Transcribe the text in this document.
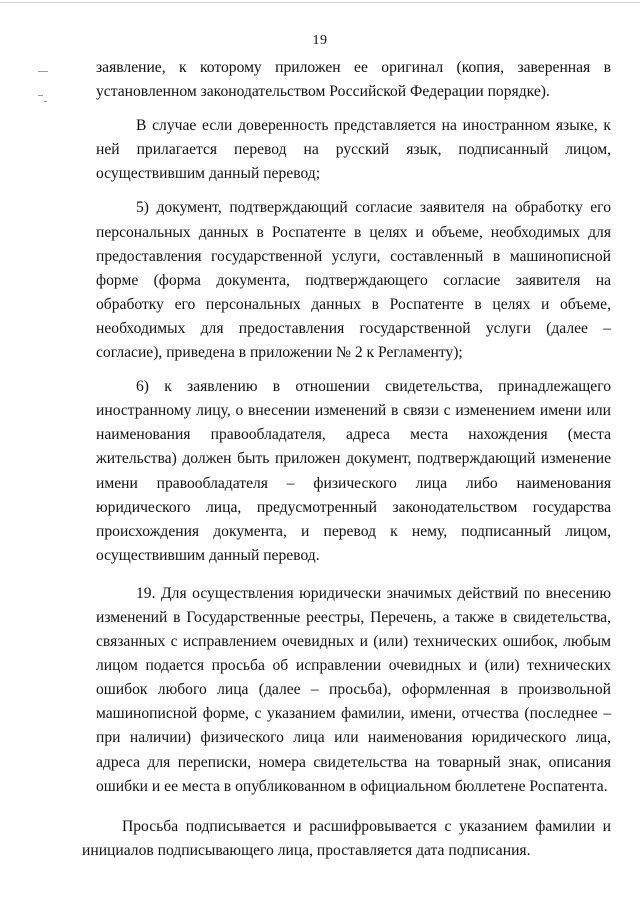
19

заявление, к которому приложен ее оригинал (копия, заверенная в установленном законодательством Российской Федерации порядке).

В случае если доверенность представляется на иностранном языке, к ней прилагается перевод на русский язык, подписанный лицом, осуществившим данный перевод;

5) документ, подтверждающий согласие заявителя на обработку его персональных данных в Роспатенте в целях и объеме, необходимых для предоставления государственной услуги, составленный в машинописной форме (форма документа, подтверждающего согласие заявителя на обработку его персональных данных в Роспатенте в целях и объеме, необходимых для предоставления государственной услуги (далее – согласие), приведена в приложении № 2 к Регламенту);

6) к заявлению в отношении свидетельства, принадлежащего иностранному лицу, о внесении изменений в связи с изменением имени или наименования правообладателя, адреса места нахождения (места жительства) должен быть приложен документ, подтверждающий изменение имени правообладателя – физического лица либо наименования юридического лица, предусмотренный законодательством государства происхождения документа, и перевод к нему, подписанный лицом, осуществившим данный перевод.

19. Для осуществления юридически значимых действий по внесению изменений в Государственные реестры, Перечень, а также в свидетельства, связанных с исправлением очевидных и (или) технических ошибок, любым лицом подается просьба об исправлении очевидных и (или) технических ошибок любого лица (далее – просьба), оформленная в произвольной машинописной форме, с указанием фамилии, имени, отчества (последнее – при наличии) физического лица или наименования юридического лица, адреса для переписки, номера свидетельства на товарный знак, описания ошибки и ее места в опубликованном в официальном бюллетене Роспатента.

Просьба подписывается и расшифровывается с указанием фамилии и инициалов подписывающего лица, проставляется дата подписания.
